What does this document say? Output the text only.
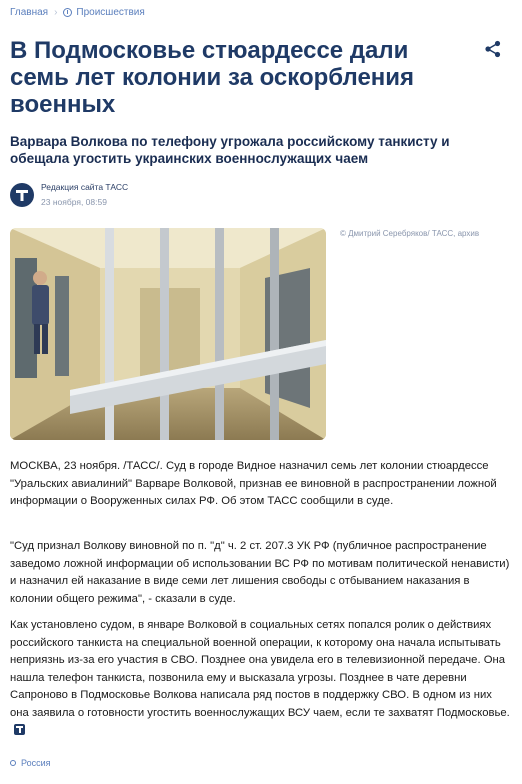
Главная › Происшествия
В Подмосковье стюардессе дали семь лет колонии за оскорбления военных

Варвара Волкова по телефону угрожала российскому танкисту и обещала угостить украинских военнослужащих чаем

Редакция сайта ТАСС
23 ноября, 08:59
© Дмитрий Серебряков/ ТАСС, архив

МОСКВА, 23 ноября. /ТАСС/. Суд в городе Видное назначил семь лет колонии стюардессе "Уральских авиалиний" Варваре Волковой, признав ее виновной в распространении ложной информации о Вооруженных силах РФ. Об этом ТАСС сообщили в суде.

"Суд признал Волкову виновной по п. "д" ч. 2 ст. 207.3 УК РФ (публичное распространение заведомо ложной информации об использовании ВС РФ по мотивам политической ненависти) и назначил ей наказание в виде семи лет лишения свободы с отбыванием наказания в колонии общего режима", - сказали в суде.

Как установлено судом, в январе Волковой в социальных сетях попался ролик о действиях российского танкиста на специальной военной операции, к которому она начала испытывать неприязнь из-за его участия в СВО. Позднее она увидела его в телевизионной передаче. Она нашла телефон танкиста, позвонила ему и высказала угрозы. Позднее в чате деревни Сапроново в Подмосковье Волкова написала ряд постов в поддержку СВО. В одном из них она заявила о готовности угостить военнослужащих ВСУ чаем, если те захватят Подмосковье.

Россия
